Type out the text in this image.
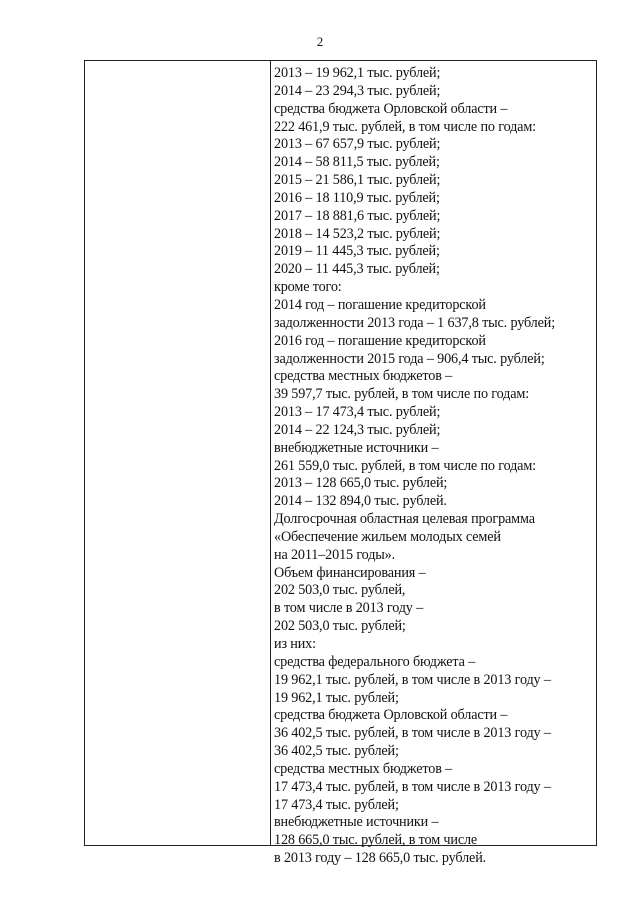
2
2013 – 19 962,1 тыс. рублей;
2014 – 23 294,3 тыс. рублей;
средства бюджета Орловской области –
222 461,9 тыс. рублей, в том числе по годам:
2013 – 67 657,9 тыс. рублей;
2014 – 58 811,5 тыс. рублей;
2015 – 21 586,1 тыс. рублей;
2016 – 18 110,9 тыс. рублей;
2017 – 18 881,6 тыс. рублей;
2018 – 14 523,2 тыс. рублей;
2019 – 11 445,3 тыс. рублей;
2020 – 11 445,3 тыс. рублей;
кроме того:
2014 год – погашение кредиторской
задолженности 2013 года – 1 637,8 тыс. рублей;
2016 год – погашение кредиторской
задолженности 2015 года – 906,4 тыс. рублей;
средства местных бюджетов –
39 597,7 тыс. рублей, в том числе по годам:
2013 – 17 473,4 тыс. рублей;
2014 – 22 124,3 тыс. рублей;
внебюджетные источники –
261 559,0 тыс. рублей, в том числе по годам:
2013 – 128 665,0 тыс. рублей;
2014 – 132 894,0 тыс. рублей.
Долгосрочная областная целевая программа
«Обеспечение жильем молодых семей
на 2011–2015 годы».
Объем финансирования –
202 503,0 тыс. рублей,
в том числе в 2013 году –
202 503,0 тыс. рублей;
из них:
средства федерального бюджета –
19 962,1 тыс. рублей, в том числе в 2013 году –
19 962,1 тыс. рублей;
средства бюджета Орловской области –
36 402,5 тыс. рублей, в том числе в 2013 году –
36 402,5 тыс. рублей;
средства местных бюджетов –
17 473,4 тыс. рублей, в том числе в 2013 году –
17 473,4 тыс. рублей;
внебюджетные источники –
128 665,0 тыс. рублей, в том числе
в 2013 году – 128 665,0 тыс. рублей.
